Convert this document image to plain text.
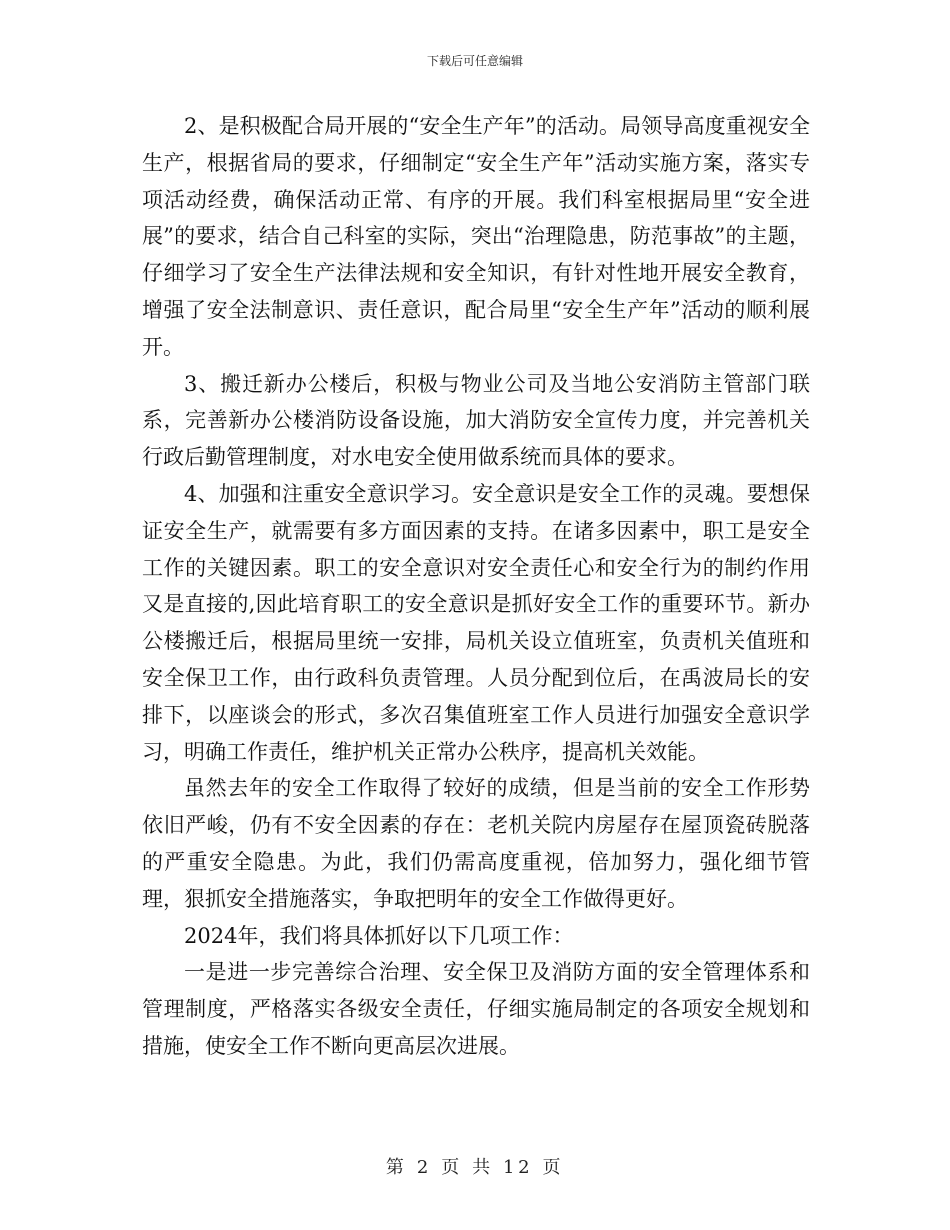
下载后可任意编辑

2、是积极配合局开展的“安全生产年”的活动。局领导高度重视安全生产，根据省局的要求，仔细制定“安全生产年”活动实施方案，落实专项活动经费，确保活动正常、有序的开展。我们科室根据局里“安全进展”的要求，结合自己科室的实际，突出“治理隐患，防范事故”的主题，仔细学习了安全生产法律法规和安全知识，有针对性地开展安全教育，增强了安全法制意识、责任意识，配合局里“安全生产年”活动的顺利展开。

3、搬迁新办公楼后，积极与物业公司及当地公安消防主管部门联系，完善新办公楼消防设备设施，加大消防安全宣传力度，并完善机关行政后勤管理制度，对水电安全使用做系统而具体的要求。

4、加强和注重安全意识学习。安全意识是安全工作的灵魂。要想保证安全生产，就需要有多方面因素的支持。在诸多因素中，职工是安全工作的关键因素。职工的安全意识对安全责任心和安全行为的制约作用又是直接的,因此培育职工的安全意识是抓好安全工作的重要环节。新办公楼搬迁后，根据局里统一安排，局机关设立值班室，负责机关值班和安全保卫工作，由行政科负责管理。人员分配到位后，在禹波局长的安排下，以座谈会的形式，多次召集值班室工作人员进行加强安全意识学习，明确工作责任，维护机关正常办公秩序，提高机关效能。

虽然去年的安全工作取得了较好的成绩，但是当前的安全工作形势依旧严峻，仍有不安全因素的存在：老机关院内房屋存在屋顶瓷砖脱落的严重安全隐患。为此，我们仍需高度重视，倍加努力，强化细节管理，狠抓安全措施落实，争取把明年的安全工作做得更好。

2024年，我们将具体抓好以下几项工作：

一是进一步完善综合治理、安全保卫及消防方面的安全管理体系和管理制度，严格落实各级安全责任，仔细实施局制定的各项安全规划和措施，使安全工作不断向更高层次进展。

第 2 页 共 12 页
